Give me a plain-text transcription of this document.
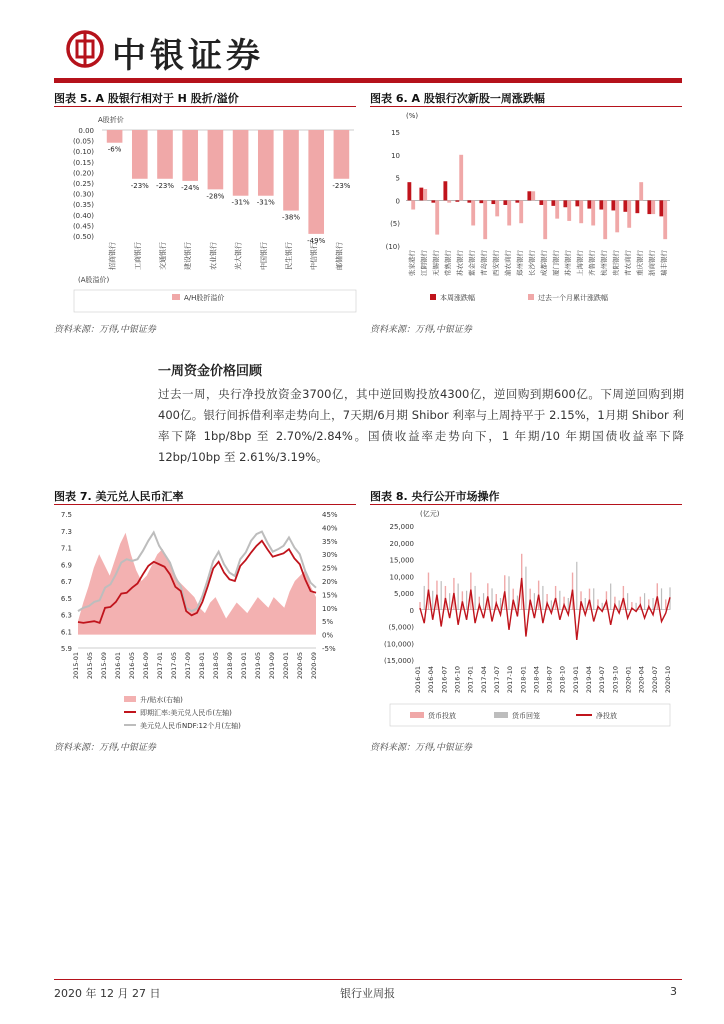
中银证券
图表 5. A 股银行相对于 H 股折/溢价
A股折价
0.00
(0.05)
(0.10)
(0.15)
(0.20)
(0.25)
(0.30)
(0.35)
(0.40)
(0.45)
(0.50)
-6%
招商银行
-23%
工商银行
-23%
交通银行
-24%
建设银行
-28%
农业银行
-31%
光大银行
-31%
中国银行
-38%
民生银行
-49%
中信银行
-23%
邮储银行
(A股溢价)
A/H股折溢价
资料来源：万得,中银证券
图表 6. A 股银行次新股一周涨跌幅
(%)
15
10
5
0
(5)
(10)
张家港行 江阴银行 无锡银行 常熟银行 苏农银行 紫金银行 青岛银行 西安银行 渝农商行 郑州银行 长沙银行 成都银行 厦门银行 苏州银行 上海银行 齐鲁银行 杭州银行 贵阳银行 青农商行 重庆银行 浙商银行 瑞丰银行
本周涨跌幅	过去一个月累计涨跌幅
资料来源：万得,中银证券
一周资金价格回顾
过去一周，央行净投放资金3700亿，其中逆回购投放4300亿，逆回购到期600亿。下周逆回购到期400亿。银行间拆借利率走势向上，7天期/6月期 Shibor 利率与上周持平于 2.15%，1月期 Shibor 利率下降 1bp/8bp 至 2.70%/2.84%。国债收益率走势向下，1 年期/10 年期国债收益率下降 12bp/10bp 至 2.61%/3.19%。
图表 7. 美元兑人民币汇率
7.5
7.3
7.1
6.9
6.7
6.5
6.3
6.1
5.9
45%
40%
35%
30%
25%
20%
15%
10%
5%
0%
-5%
2015-01 2015-05 2015-09 2016-01 2016-05 2016-09 2017-01 2017-05 2017-09 2018-01 2018-05 2018-09 2019-01 2019-05 2019-09 2020-01 2020-05 2020-09
升/贴水(右轴)
即期汇率:美元兑人民币(左轴)
美元兑人民币NDF:12个月(左轴)
资料来源：万得,中银证券
图表 8. 央行公开市场操作
(亿元)
25,000
20,000
15,000
10,000
5,000
0
(5,000)
(10,000)
(15,000)
2016-01 2016-04 2016-07 2016-10 2017-01 2017-04 2017-07 2017-10 2018-01 2018-04 2018-07 2018-10 2019-01 2019-04 2019-07 2019-10 2020-01 2020-04 2020-07 2020-10
货币投放	货币回笼	净投放
资料来源：万得,中银证券
2020 年 12 月 27 日	银行业周报	3
